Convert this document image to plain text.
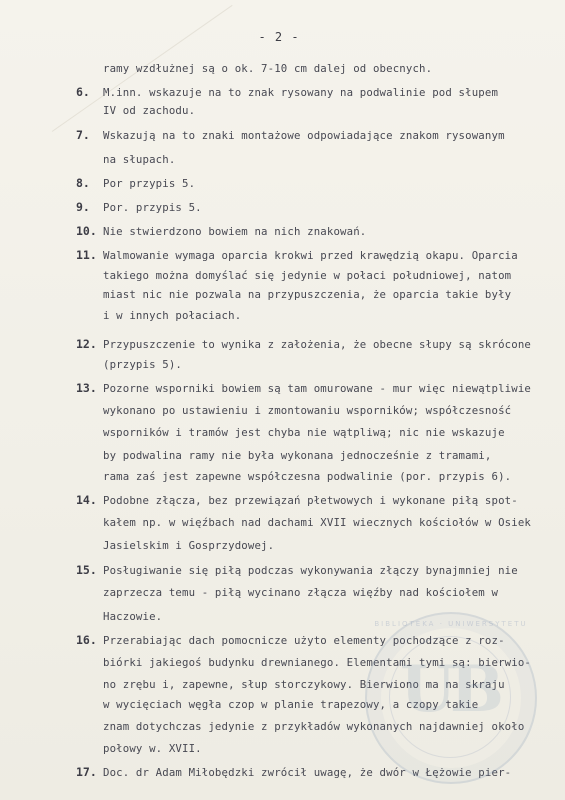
- 2 -
ramy wzdłużnej są o ok. 7-10 cm dalej od obecnych.
6. M.inn. wskazuje na to znak rysowany na podwalinie pod słupem
IV od zachodu.
7. Wskazują na to znaki montażowe odpowiadające znakom rysowanym
na słupach.
8. Por przypis 5.
9. Por. przypis 5.
10. Nie stwierdzono bowiem na nich znakowań.
11. Walmowanie wymaga oparcia krokwi przed krawędzią okapu. Oparcia
takiego można domyślać się jedynie w połaci południowej, natom
miast nic nie pozwala na przypuszczenia, że oparcia takie były
i w innych połaciach.
12. Przypuszczenie to wynika z założenia, że obecne słupy są skrócone
(przypis 5).
13. Pozorne wsporniki bowiem są tam omurowane - mur więc niewątpliwie
wykonano po ustawieniu i zmontowaniu wsporników; współczesność
wsporników i tramów jest chyba nie wątpliwą; nic nie wskazuje
by podwalina ramy nie była wykonana jednocześnie z tramami,
rama zaś jest zapewne współczesna podwalinie (por. przypis 6).
14. Podobne złącza, bez przewiązań płetwowych i wykonane piłą spot-
kałem np. w więźbach nad dachami XVII wiecznych kościołów w Osiek
Jasielskim i Gosprzydowej.
15. Posługiwanie się piłą podczas wykonywania złączy bynajmniej nie
zaprzecza temu - piłą wycinano złącza więźby nad kościołem w
Haczowie.
16. Przerabiając dach pomocnicze użyto elementy pochodzące z roz-
biórki jakiegoś budynku drewnianego. Elementami tymi są: bierwio-
no zrębu i, zapewne, słup storczykowy. Bierwiono ma na skraju
w wycięciach węgła czop w planie trapezowy, a czopy takie
znam dotychczas jedynie z przykładów wykonanych najdawniej około
połowy w. XVII.
17. Doc. dr Adam Miłobędzki zwrócił uwagę, że dwór w Łężowie pier-
BIBLIOTEKA · UNIWERSYTETU
UB
